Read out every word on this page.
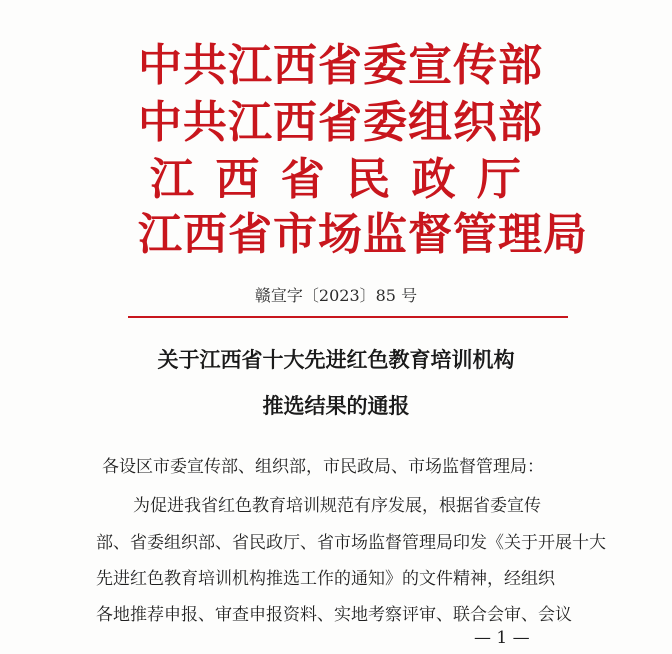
中共江西省委宣传部
中共江西省委组织部
江西省民政厅
江西省市场监督管理局
赣宣字〔2023〕85 号
关于江西省十大先进红色教育培训机构
推选结果的通报
各设区市委宣传部、组织部，市民政局、市场监督管理局：
为促进我省红色教育培训规范有序发展，根据省委宣传
部、省委组织部、省民政厅、省市场监督管理局印发《关于开展十大
先进红色教育培训机构推选工作的通知》的文件精神，经组织
各地推荐申报、审查申报资料、实地考察评审、联合会审、会议
— 1 —
